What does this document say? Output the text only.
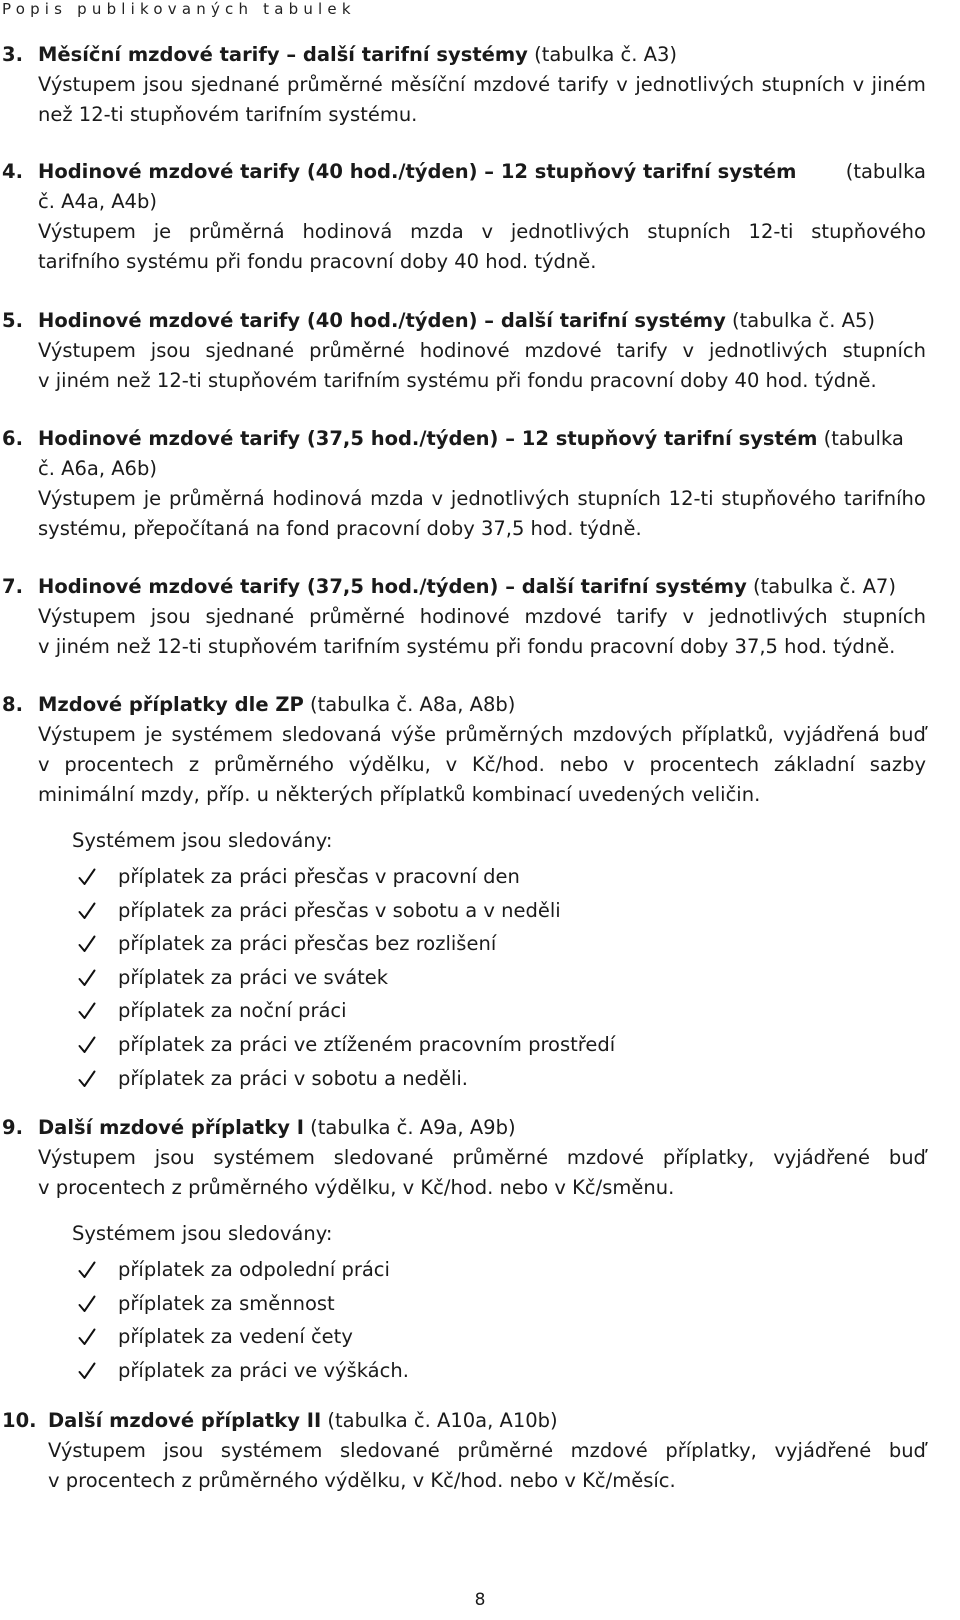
Popis publikovaných tabulek
3. Měsíční mzdové tarify – další tarifní systémy (tabulka č. A3)
Výstupem jsou sjednané průměrné měsíční mzdové tarify v jednotlivých stupních v jiném
než 12-ti stupňovém tarifním systému.
4. Hodinové mzdové tarify (40 hod./týden) – 12 stupňový tarifní systém	(tabulka
č. A4a, A4b)
Výstupem je průměrná hodinová mzda v jednotlivých stupních 12-ti stupňového
tarifního systému při fondu pracovní doby 40 hod. týdně.
5. Hodinové mzdové tarify (40 hod./týden) – další tarifní systémy (tabulka č. A5)
Výstupem jsou sjednané průměrné hodinové mzdové tarify v jednotlivých stupních
v jiném než 12-ti stupňovém tarifním systému při fondu pracovní doby 40 hod. týdně.
6. Hodinové mzdové tarify (37,5 hod./týden) – 12 stupňový tarifní systém (tabulka
č. A6a, A6b)
Výstupem je průměrná hodinová mzda v jednotlivých stupních 12-ti stupňového tarifního
systému, přepočítaná na fond pracovní doby 37,5 hod. týdně.
7. Hodinové mzdové tarify (37,5 hod./týden) – další tarifní systémy (tabulka č. A7)
Výstupem jsou sjednané průměrné hodinové mzdové tarify v jednotlivých stupních
v jiném než 12-ti stupňovém tarifním systému při fondu pracovní doby 37,5 hod. týdně.
8. Mzdové příplatky dle ZP (tabulka č. A8a, A8b)
Výstupem je systémem sledovaná výše průměrných mzdových příplatků, vyjádřená buď
v procentech z průměrného výdělku, v Kč/hod. nebo v procentech základní sazby
minimální mzdy, příp. u některých příplatků kombinací uvedených veličin.
Systémem jsou sledovány:
příplatek za práci přesčas v pracovní den
příplatek za práci přesčas v sobotu a v neděli
příplatek za práci přesčas bez rozlišení
příplatek za práci ve svátek
příplatek za noční práci
příplatek za práci ve ztíženém pracovním prostředí
příplatek za práci v sobotu a neděli.
9. Další mzdové příplatky I (tabulka č. A9a, A9b)
Výstupem jsou systémem sledované průměrné mzdové příplatky, vyjádřené buď
v procentech z průměrného výdělku, v Kč/hod. nebo v Kč/směnu.
Systémem jsou sledovány:
příplatek za odpolední práci
příplatek za směnnost
příplatek za vedení čety
příplatek za práci ve výškách.
10. Další mzdové příplatky II (tabulka č. A10a, A10b)
Výstupem jsou systémem sledované průměrné mzdové příplatky, vyjádřené buď
v procentech z průměrného výdělku, v Kč/hod. nebo v Kč/měsíc.
8
